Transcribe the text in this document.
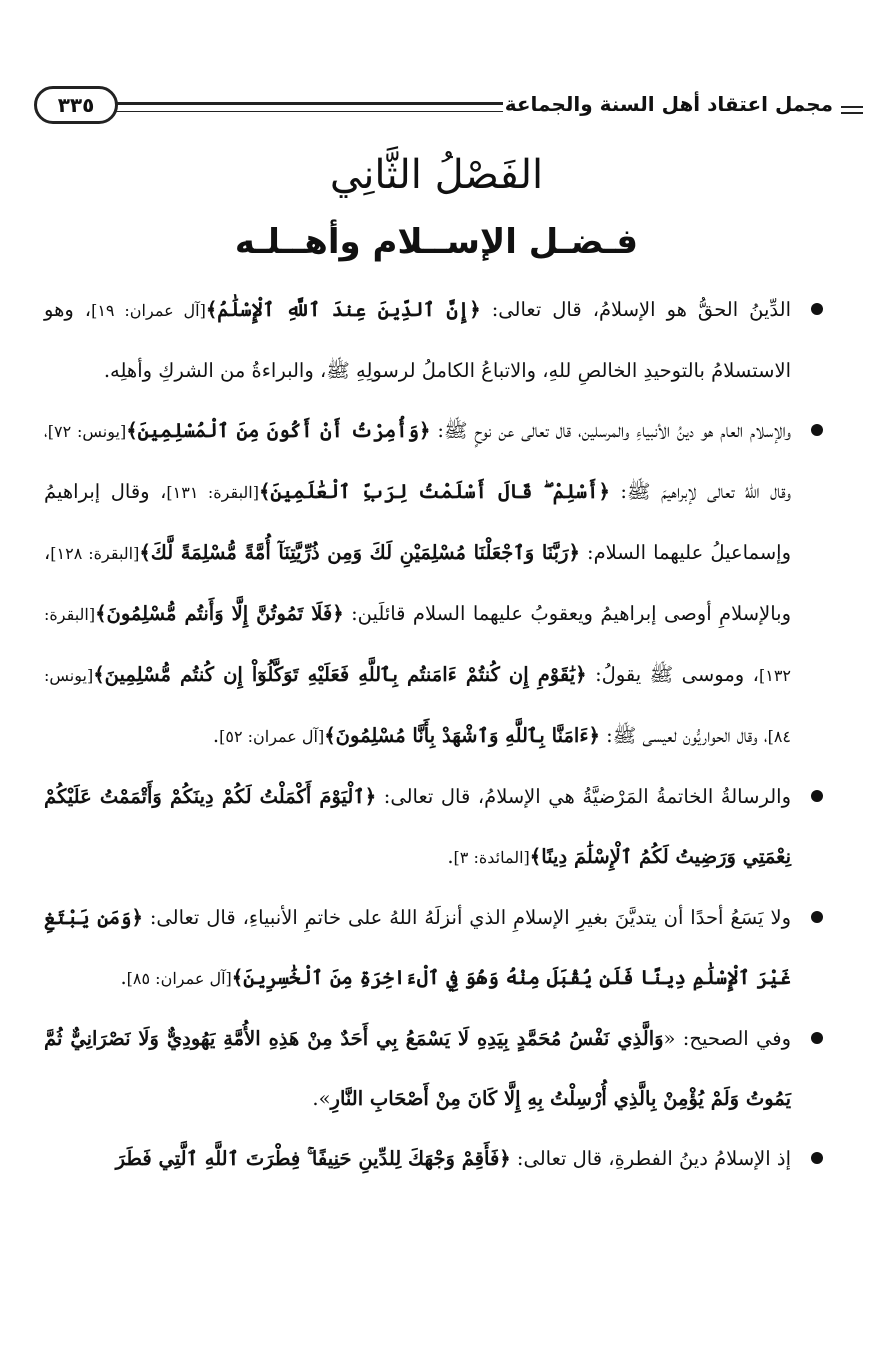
مجمل اعتقاد أهل السنة والجماعة
٣٣٥
الفَصْلُ الثَّانِي
فـضـل الإســلام وأهــلـه

الدِّينُ الحقُّ هو الإسلامُ، قال تعالى: ﴿إِنَّ ٱلدِّينَ عِندَ ٱللَّهِ ٱلْإِسْلَٰمُ﴾[آل عمران: ١٩]، وهو الاستسلامُ بالتوحيدِ الخالصِ للهِ، والاتباعُ الكاملُ لرسولِهِ ﷺ، والبراءةُ من الشركِ وأهلِه.

والإسلام العام هو دينُ الأنبياءِ والمرسلين، قال تعالى عن نوحٍ ﷺ: ﴿وَأُمِرْتُ أَنْ أَكُونَ مِنَ ٱلْمُسْلِمِينَ﴾[يونس: ٧٢]، وقال اللهُ تعالى لإبراهيمَ ﷺ: ﴿أَسْلِمْ ۖ قَالَ أَسْلَمْتُ لِرَبِّ ٱلْعَٰلَمِينَ﴾[البقرة: ١٣١]، وقال إبراهيمُ وإسماعيلُ عليهما السلام: ﴿رَبَّنَا وَٱجْعَلْنَا مُسْلِمَيْنِ لَكَ وَمِن ذُرِّيَّتِنَآ أُمَّةً مُّسْلِمَةً لَّكَ﴾[البقرة: ١٢٨]، وبالإسلامِ أوصى إبراهيمُ ويعقوبُ عليهما السلام قائلَين: ﴿فَلَا تَمُوتُنَّ إِلَّا وَأَنتُم مُّسْلِمُونَ﴾[البقرة: ١٣٢]، وموسى ﷺ يقولُ: ﴿يَٰقَوْمِ إِن كُنتُمْ ءَامَنتُم بِٱللَّهِ فَعَلَيْهِ تَوَكَّلُوٓاْ إِن كُنتُم مُّسْلِمِينَ﴾[يونس: ٨٤]، وقال الحواريُّون لعيسى ﷺ: ﴿ءَامَنَّا بِٱللَّهِ وَٱشْهَدْ بِأَنَّا مُسْلِمُونَ﴾[آل عمران: ٥٢].

والرسالةُ الخاتمةُ المَرْضيَّةُ هي الإسلامُ، قال تعالى: ﴿ٱلْيَوْمَ أَكْمَلْتُ لَكُمْ دِينَكُمْ وَأَتْمَمْتُ عَلَيْكُمْ نِعْمَتِي وَرَضِيتُ لَكُمُ ٱلْإِسْلَٰمَ دِينًا﴾[المائدة: ٣].

ولا يَسَعُ أحدًا أن يتديَّنَ بغيرِ الإسلامِ الذي أنزلَهُ اللهُ على خاتمِ الأنبياءِ، قال تعالى: ﴿وَمَن يَبْتَغِ غَيْرَ ٱلْإِسْلَٰمِ دِينًا فَلَن يُقْبَلَ مِنْهُ وَهُوَ فِي ٱلْءَاخِرَةِ مِنَ ٱلْخَٰسِرِينَ﴾[آل عمران: ٨٥].

وفي الصحيح: «وَالَّذِي نَفْسُ مُحَمَّدٍ بِيَدِهِ لَا يَسْمَعُ بِي أَحَدٌ مِنْ هَذِهِ الأُمَّةِ يَهُودِيٌّ وَلَا نَصْرَانِيٌّ ثُمَّ يَمُوتُ وَلَمْ يُؤْمِنْ بِالَّذِي أُرْسِلْتُ بِهِ إِلَّا كَانَ مِنْ أَصْحَابِ النَّارِ».

إذ الإسلامُ دينُ الفطرةِ، قال تعالى: ﴿فَأَقِمْ وَجْهَكَ لِلدِّينِ حَنِيفًا ۚ فِطْرَتَ ٱللَّهِ ٱلَّتِي فَطَرَ
